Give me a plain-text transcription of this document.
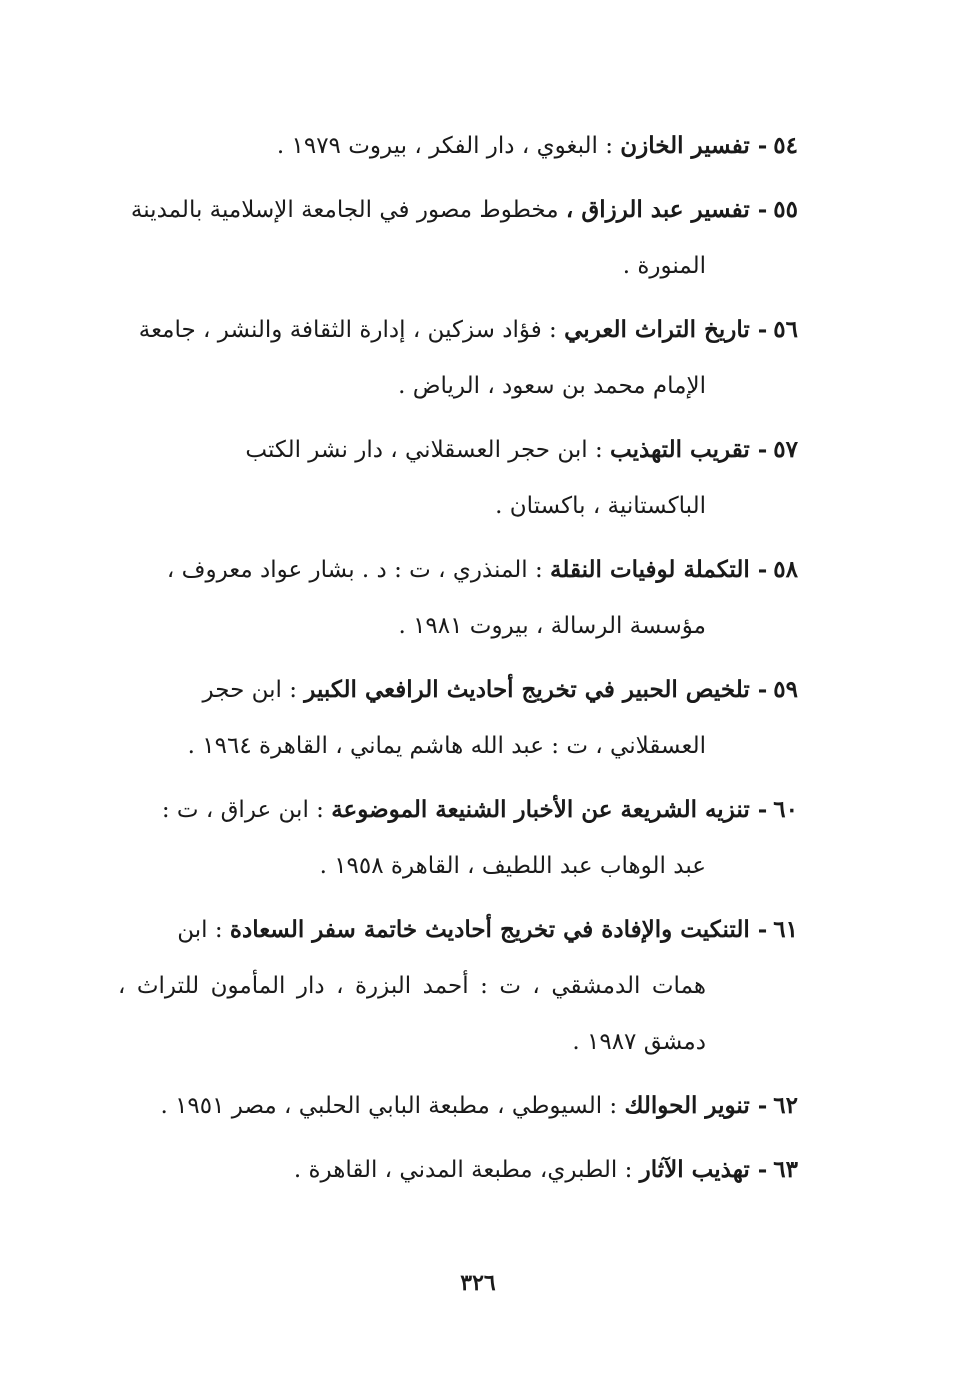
٥٤-تفسير الخازن : البغوي ، دار الفكر ، بيروت ١٩٧٩ .

٥٥-تفسير عبد الرزاق ، مخطوط مصور في الجامعة الإسلامية بالمدينة
المنورة .

٥٦-تاريخ التراث العربي : فؤاد سزكين ، إدارة الثقافة والنشر ، جامعة
الإمام محمد بن سعود ، الرياض .

٥٧-تقريب التهذيب : ابن حجر العسقلاني ، دار نشر الكتب
الباكستانية ، باكستان .

٥٨-التكملة لوفيات النقلة : المنذري ، ت : د . بشار عواد معروف ،
مؤسسة الرسالة ، بيروت ١٩٨١ .

٥٩-تلخيص الحبير في تخريج أحاديث الرافعي الكبير : ابن حجر
العسقلاني ، ت : عبد الله هاشم يماني ، القاهرة ١٩٦٤ .

٦٠-تنزيه الشريعة عن الأخبار الشنيعة الموضوعة : ابن عراق ، ت :
عبد الوهاب عبد اللطيف ، القاهرة ١٩٥٨ .

٦١-التنكيت والإفادة في تخريج أحاديث خاتمة سفر السعادة : ابن
همات الدمشقي ، ت : أحمد البزرة ، دار المأمون للتراث ، دمشق ١٩٨٧ .

٦٢-تنوير الحوالك : السيوطي ، مطبعة البابي الحلبي ، مصر ١٩٥١ .

٦٣-تهذيب الآثار : الطبري، مطبعة المدني ، القاهرة .

٣٢٦
